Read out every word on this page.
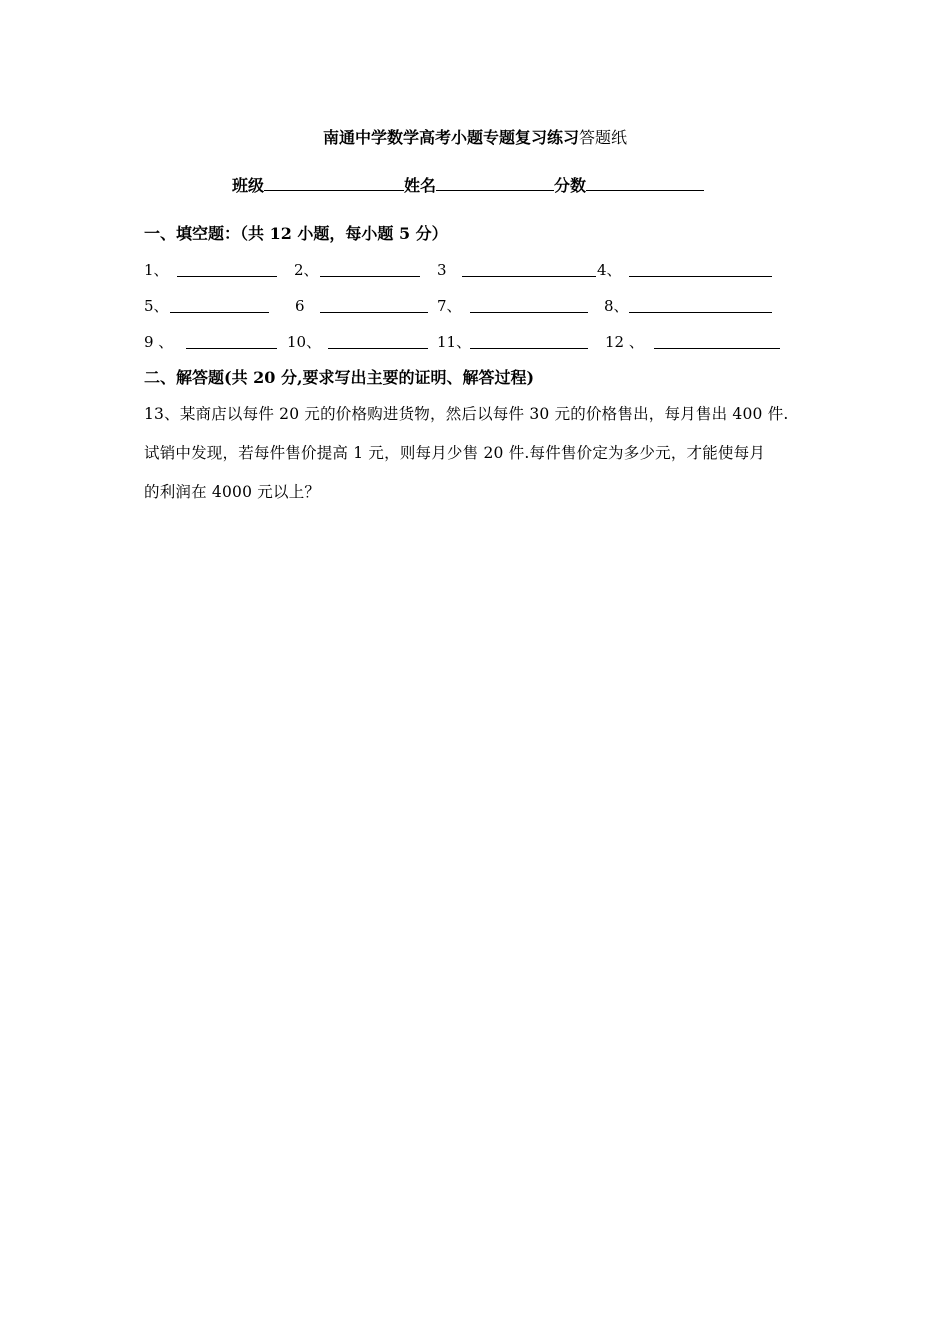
南通中学数学高考小题专题复习练习答题纸
班级	姓名	分数
一、填空题：（共 12 小题，每小题 5 分）
1、	2、	3	4、
5、	6	7、	8、
9 、	10、	11、	12 、
二、解答题(共 20 分,要求写出主要的证明、解答过程)

13、某商店以每件 20 元的价格购进货物，然后以每件 30 元的价格售出，每月售出 400 件.

试销中发现，若每件售价提高 1 元，则每月少售 20 件.每件售价定为多少元，才能使每月

的利润在 4000 元以上？
